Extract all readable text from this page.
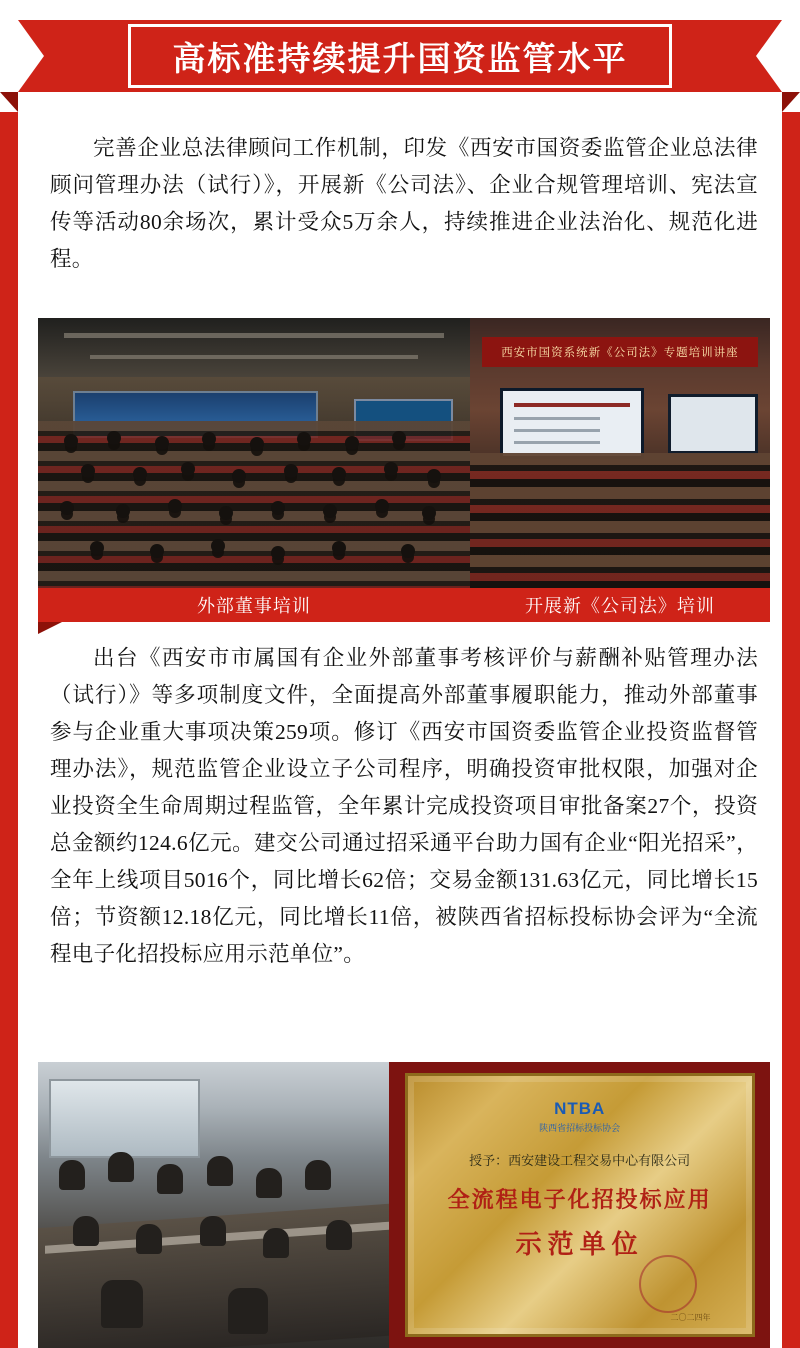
高标准持续提升国资监管水平

完善企业总法律顾问工作机制，印发《西安市国资委监管企业总法律顾问管理办法（试行）》，开展新《公司法》、企业合规管理培训、宪法宣传等活动80余场次，累计受众5万余人，持续推进企业法治化、规范化进程。

西安市国资系统新《公司法》专题培训讲座
外部董事培训	开展新《公司法》培训

出台《西安市市属国有企业外部董事考核评价与薪酬补贴管理办法（试行）》等多项制度文件，全面提高外部董事履职能力，推动外部董事参与企业重大事项决策259项。修订《西安市国资委监管企业投资监督管理办法》，规范监管企业设立子公司程序，明确投资审批权限，加强对企业投资全生命周期过程监管，全年累计完成投资项目审批备案27个，投资总金额约124.6亿元。建交公司通过招采通平台助力国有企业“阳光招采”，全年上线项目5016个，同比增长62倍；交易金额131.63亿元，同比增长15倍；节资额12.18亿元，同比增长11倍，被陕西省招标投标协会评为“全流程电子化招投标应用示范单位”。

NTBA
陕西省招标投标协会
授予：西安建设工程交易中心有限公司
全流程电子化招投标应用
示范单位
二〇二四年
